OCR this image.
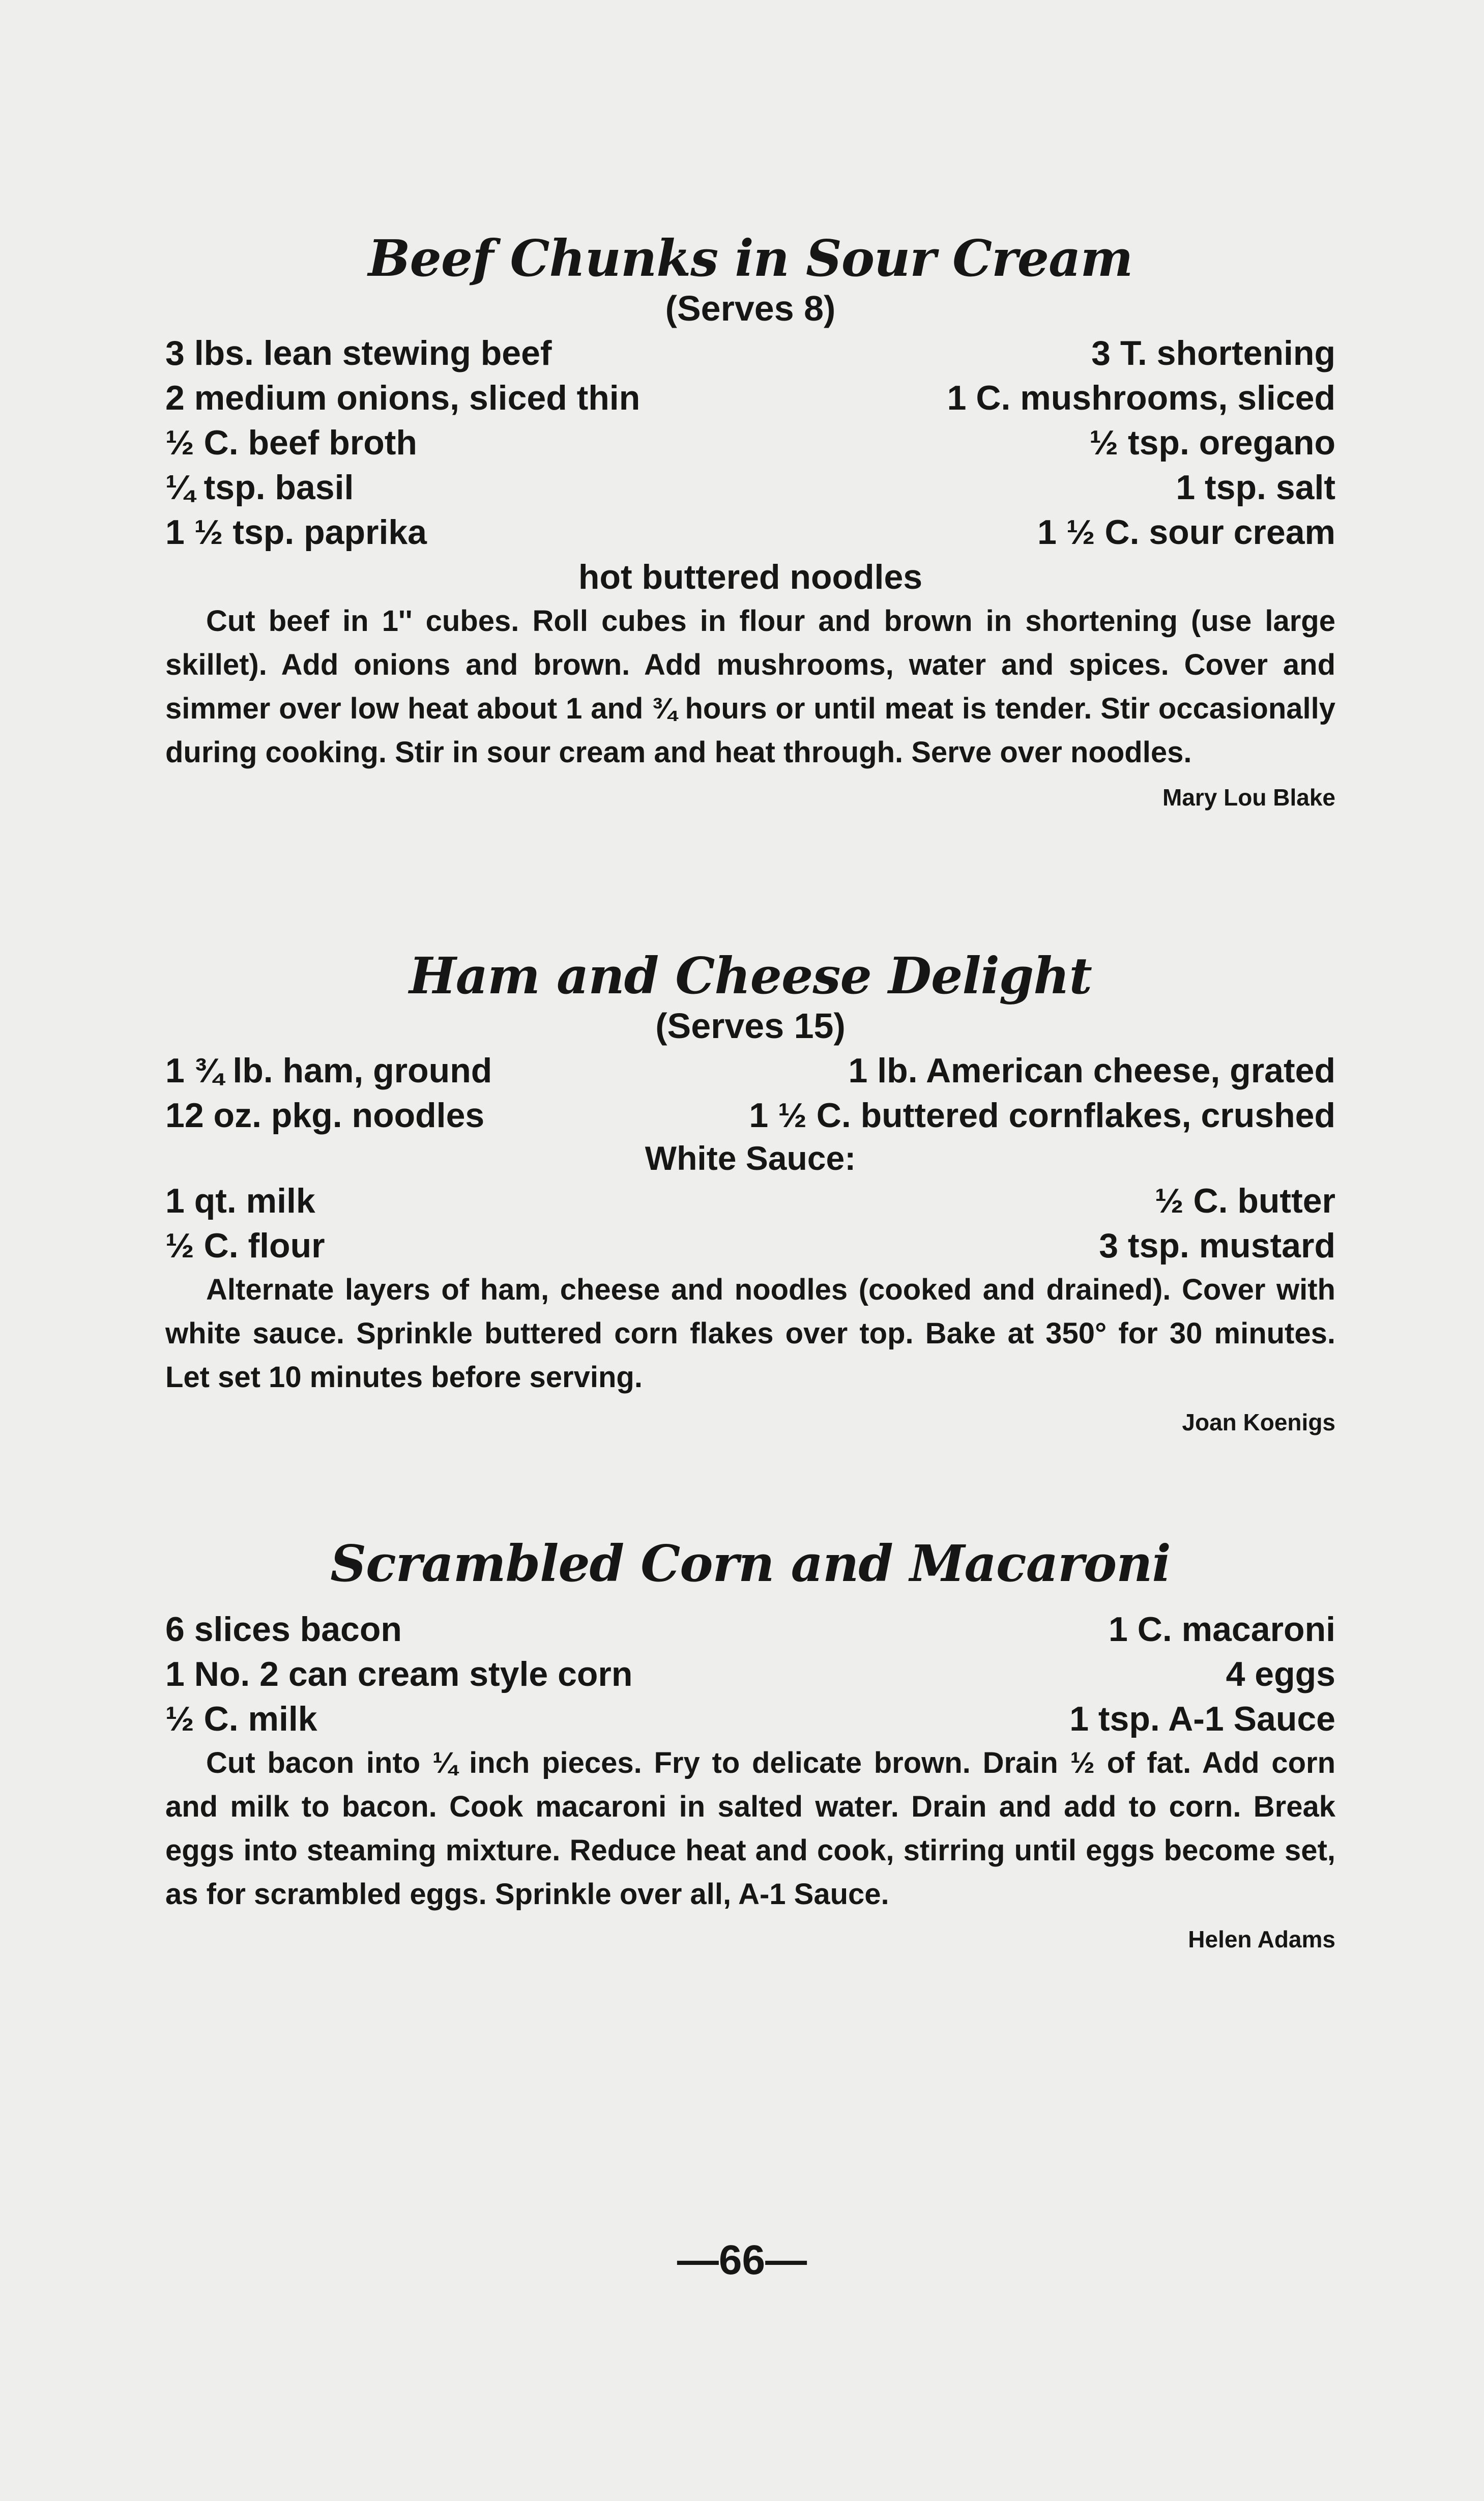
Beef Chunks in Sour Cream

(Serves 8)

3 lbs. lean stewing beef	3 T. shortening
2 medium onions, sliced thin	1 C. mushrooms, sliced
½ C. beef broth	½ tsp. oregano
¼ tsp. basil	1 tsp. salt
1 ½ tsp. paprika	1 ½ C. sour cream
hot buttered noodles

Cut beef in 1'' cubes. Roll cubes in flour and brown in shortening (use large skillet). Add onions and brown. Add mushrooms, water and spices. Cover and simmer over low heat about 1 and ¾ hours or until meat is tender. Stir occasionally during cooking. Stir in sour cream and heat through. Serve over noodles.

Mary Lou Blake
Ham and Cheese Delight

(Serves 15)

1 ¾ lb. ham, ground	1 lb. American cheese, grated
12 oz. pkg. noodles	1 ½ C. buttered cornflakes, crushed
White Sauce:
1 qt. milk	½ C. butter
½ C. flour	3 tsp. mustard

Alternate layers of ham, cheese and noodles (cooked and drained). Cover with white sauce. Sprinkle buttered corn flakes over top. Bake at 350° for 30 minutes. Let set 10 minutes before serving.

Joan Koenigs
Scrambled Corn and Macaroni
6 slices bacon	1 C. macaroni
1 No. 2 can cream style corn	4 eggs
½ C. milk	1 tsp. A-1 Sauce

Cut bacon into ¼ inch pieces. Fry to delicate brown. Drain ½ of fat. Add corn and milk to bacon. Cook macaroni in salted water. Drain and add to corn. Break eggs into steaming mixture. Reduce heat and cook, stirring until eggs become set, as for scrambled eggs. Sprinkle over all, A-1 Sauce.

Helen Adams
—66—
